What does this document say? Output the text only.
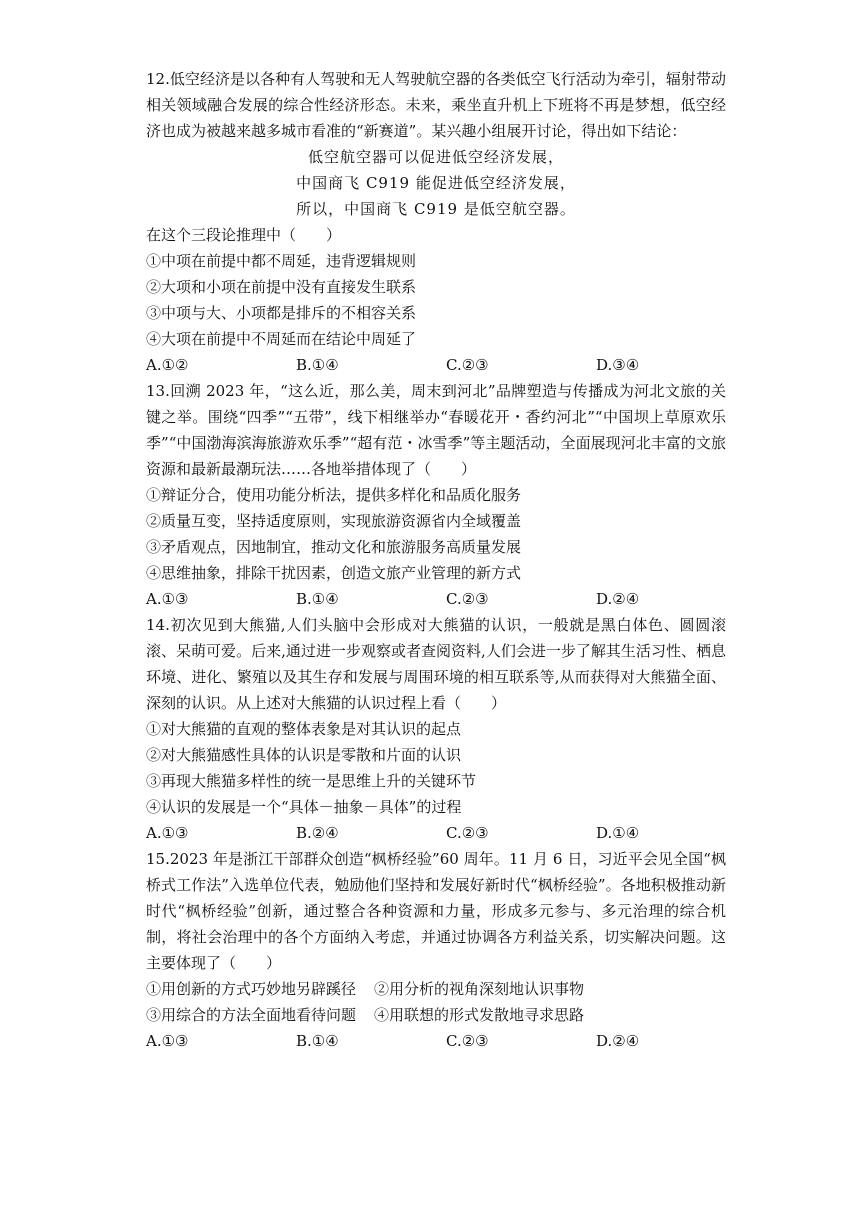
12.低空经济是以各种有人驾驶和无人驾驶航空器的各类低空飞行活动为牵引，辐射带动相关领域融合发展的综合性经济形态。未来，乘坐直升机上下班将不再是梦想，低空经济也成为被越来越多城市看准的“新赛道”。某兴趣小组展开讨论，得出如下结论：
低空航空器可以促进低空经济发展，
中国商飞 C919 能促进低空经济发展，
所以，中国商飞 C919 是低空航空器。
在这个三段论推理中（　　）
①中项在前提中都不周延，违背逻辑规则
②大项和小项在前提中没有直接发生联系
③中项与大、小项都是排斥的不相容关系
④大项在前提中不周延而在结论中周延了
A.①②	B.①④	C.②③	D.③④
13.回溯 2023 年，“这么近，那么美，周末到河北”品牌塑造与传播成为河北文旅的关键之举。围绕“四季”“五带”，线下相继举办“春暖花开・香约河北”“中国坝上草原欢乐季”“中国渤海滨海旅游欢乐季”“超有范・冰雪季”等主题活动，全面展现河北丰富的文旅资源和最新最潮玩法……各地举措体现了（　　）
①辩证分合，使用功能分析法，提供多样化和品质化服务
②质量互变，坚持适度原则，实现旅游资源省内全域覆盖
③矛盾观点，因地制宜，推动文化和旅游服务高质量发展
④思维抽象，排除干扰因素，创造文旅产业管理的新方式
A.①③	B.①④	C.②③	D.②④
14.初次见到大熊猫,人们头脑中会形成对大熊猫的认识，一般就是黑白体色、圆圆滚滚、呆萌可爱。后来,通过进一步观察或者查阅资料,人们会进一步了解其生活习性、栖息环境、进化、繁殖以及其生存和发展与周围环境的相互联系等,从而获得对大熊猫全面、深刻的认识。从上述对大熊猫的认识过程上看（　　）
①对大熊猫的直观的整体表象是对其认识的起点
②对大熊猫感性具体的认识是零散和片面的认识
③再现大熊猫多样性的统一是思维上升的关键环节
④认识的发展是一个“具体－抽象－具体”的过程
A.①③	B.②④	C.②③	D.①④
15.2023 年是浙江干部群众创造“枫桥经验”60 周年。11 月 6 日，习近平会见全国“枫桥式工作法”入选单位代表，勉励他们坚持和发展好新时代“枫桥经验”。各地积极推动新时代“枫桥经验”创新，通过整合各种资源和力量，形成多元参与、多元治理的综合机制，将社会治理中的各个方面纳入考虑，并通过协调各方利益关系，切实解决问题。这主要体现了（　　）
①用创新的方式巧妙地另辟蹊径 ②用分析的视角深刻地认识事物
③用综合的方法全面地看待问题 ④用联想的形式发散地寻求思路
A.①③	B.①④	C.②③	D.②④
